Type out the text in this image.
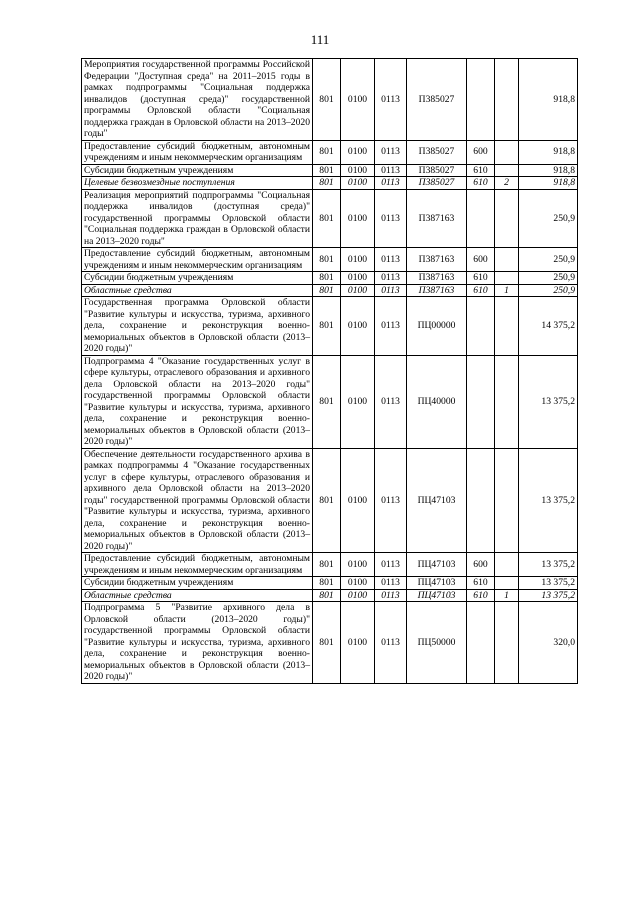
111
Мероприятия государственной программы Российской Федерации "Доступная среда" на 2011–2015 годы в рамках подпрограммы "Социальная поддержка инвалидов (доступная среда)" государственной программы Орловской области "Социальная поддержка граждан в Орловской области на 2013–2020 годы"	801	0100	0113	П385027			918,8
Предоставление субсидий бюджетным, автономным учреждениям и иным некоммерческим организациям	801	0100	0113	П385027	600		918,8
Субсидии бюджетным учреждениям	801	0100	0113	П385027	610		918,8
Целевые безвозмездные поступления	801	0100	0113	П385027	610	2	918,8
Реализация мероприятий подпрограммы "Социальная поддержка инвалидов (доступная среда)" государственной программы Орловской области "Социальная поддержка граждан в Орловской области на 2013–2020 годы"	801	0100	0113	П387163			250,9
Предоставление субсидий бюджетным, автономным учреждениям и иным некоммерческим организациям	801	0100	0113	П387163	600		250,9
Субсидии бюджетным учреждениям	801	0100	0113	П387163	610		250,9
Областные средства	801	0100	0113	П387163	610	1	250,9
Государственная программа Орловской области "Развитие культуры и искусства, туризма, архивного дела, сохранение и реконструкция военно-мемориальных объектов в Орловской области (2013–2020 годы)"	801	0100	0113	ПЦ00000			14 375,2
Подпрограмма 4 "Оказание государственных услуг в сфере культуры, отраслевого образования и архивного дела Орловской области на 2013–2020 годы" государственной программы Орловской области "Развитие культуры и искусства, туризма, архивного дела, сохранение и реконструкция военно-мемориальных объектов в Орловской области (2013–2020 годы)"	801	0100	0113	ПЦ40000			13 375,2
Обеспечение деятельности государственного архива в рамках подпрограммы 4 "Оказание государственных услуг в сфере культуры, отраслевого образования и архивного дела Орловской области на 2013–2020 годы" государственной программы Орловской области "Развитие культуры и искусства, туризма, архивного дела, сохранение и реконструкция военно-мемориальных объектов в Орловской области (2013–2020 годы)"	801	0100	0113	ПЦ47103			13 375,2
Предоставление субсидий бюджетным, автономным учреждениям и иным некоммерческим организациям	801	0100	0113	ПЦ47103	600		13 375,2
Субсидии бюджетным учреждениям	801	0100	0113	ПЦ47103	610		13 375,2
Областные средства	801	0100	0113	ПЦ47103	610	1	13 375,2
Подпрограмма 5 "Развитие архивного дела в Орловской области (2013–2020 годы)" государственной программы Орловской области "Развитие культуры и искусства, туризма, архивного дела, сохранение и реконструкция военно-мемориальных объектов в Орловской области (2013–2020 годы)"	801	0100	0113	ПЦ50000			320,0
